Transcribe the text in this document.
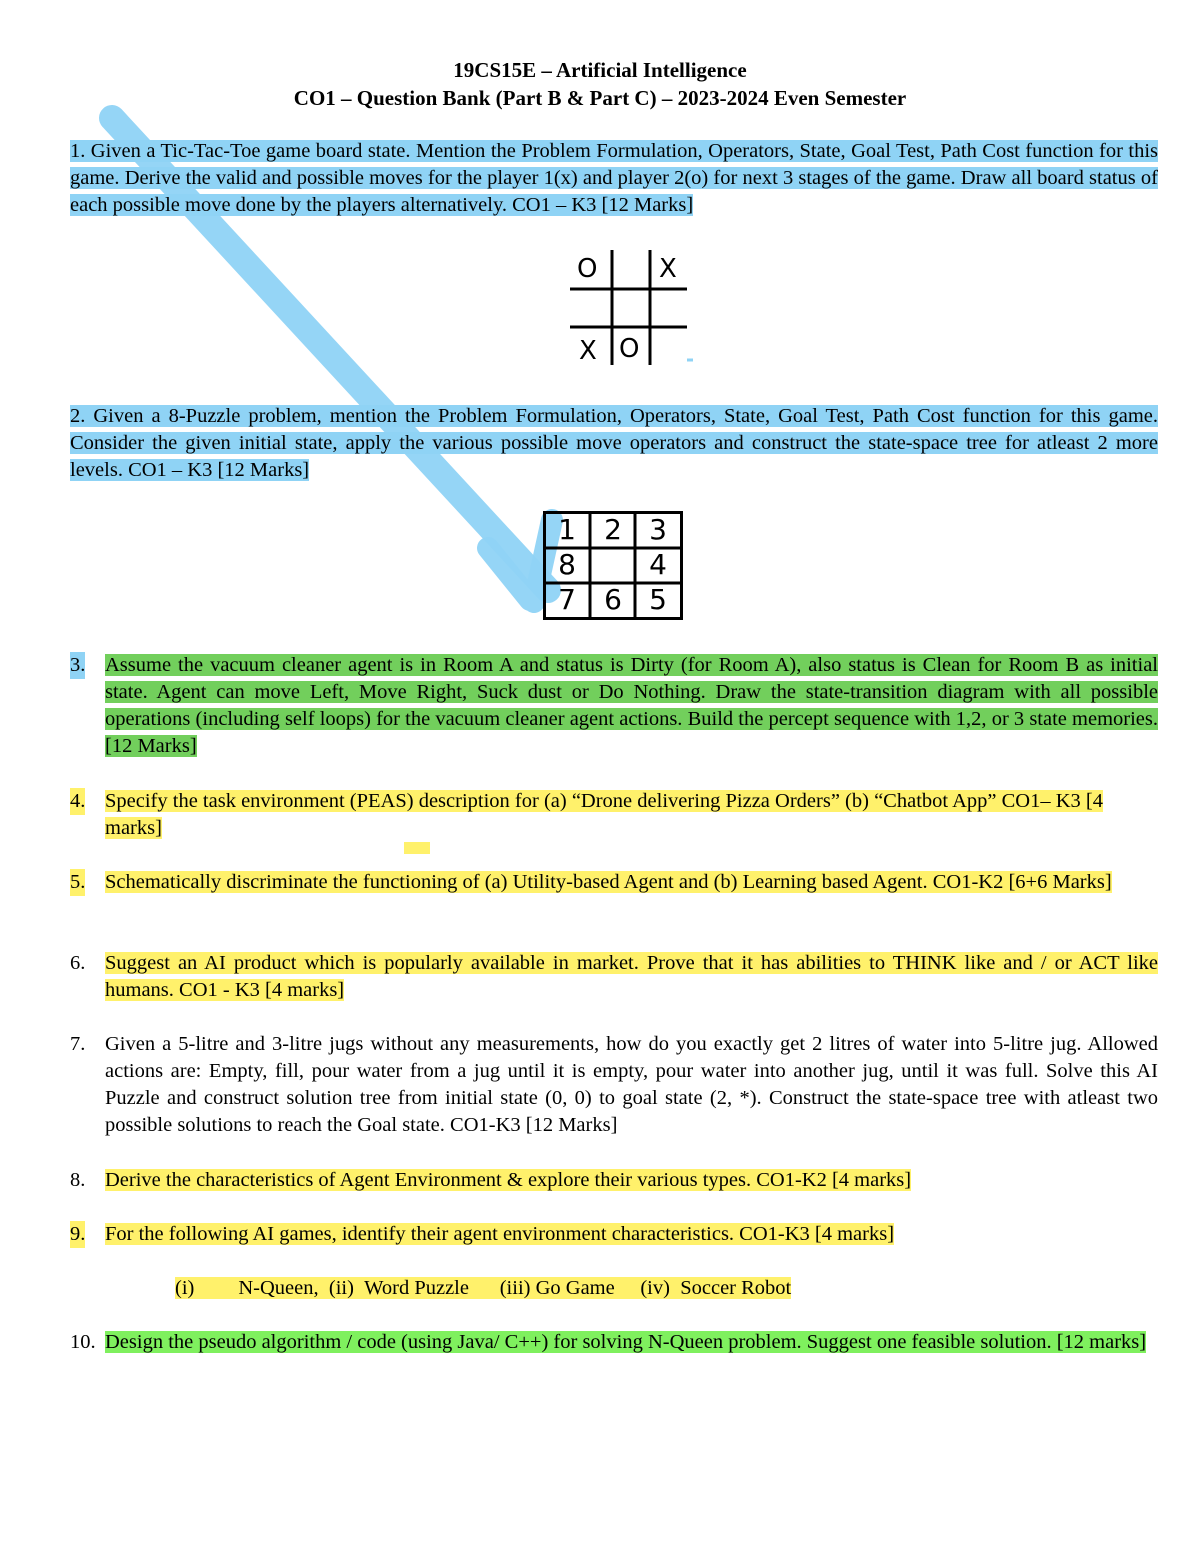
19CS15E – Artificial Intelligence
CO1 – Question Bank (Part B & Part C) – 2023-2024 Even Semester
1. Given a Tic-Tac-Toe game board state. Mention the Problem Formulation, Operators, State, Goal Test, Path Cost function for this game. Derive the valid and possible moves for the player 1(x) and player 2(o) for next 3 stages of the game. Draw all board status of each possible move done by the players alternatively. CO1 – K3 [12 Marks]
O X
X O
2. Given a 8-Puzzle problem, mention the Problem Formulation, Operators, State, Goal Test, Path Cost function for this game. Consider the given initial state, apply the various possible move operators and construct the state-space tree for atleast 2 more levels. CO1 – K3 [12 Marks]
1 2 3
8	4
7 6 5
3. Assume the vacuum cleaner agent is in Room A and status is Dirty (for Room A), also status is Clean for Room B as initial state. Agent can move Left, Move Right, Suck dust or Do Nothing. Draw the state-transition diagram with all possible operations (including self loops) for the vacuum cleaner agent actions. Build the percept sequence with 1,2, or 3 state memories. [12 Marks]
4. Specify the task environment (PEAS) description for (a) “Drone delivering Pizza Orders” (b) “Chatbot App” CO1– K3 [4 marks]
5. Schematically discriminate the functioning of (a) Utility-based Agent and (b) Learning based Agent. CO1-K2 [6+6 Marks]
6. Suggest an AI product which is popularly available in market. Prove that it has abilities to THINK like and / or ACT like humans. CO1 - K3 [4 marks]
7. Given a 5-litre and 3-litre jugs without any measurements, how do you exactly get 2 litres of water into 5-litre jug. Allowed actions are: Empty, fill, pour water from a jug until it is empty, pour water into another jug, until it was full. Solve this AI Puzzle and construct solution tree from initial state (0, 0) to goal state (2, *). Construct the state-space tree with atleast two possible solutions to reach the Goal state. CO1-K3 [12 Marks]
8. Derive the characteristics of Agent Environment & explore their various types. CO1-K2 [4 marks]
9. For the following AI games, identify their agent environment characteristics. CO1-K3 [4 marks]
(i) N-Queen, (ii) Word Puzzle (iii) Go Game (iv) Soccer Robot
10. Design the pseudo algorithm / code (using Java/ C++) for solving N-Queen problem. Suggest one feasible solution. [12 marks]
